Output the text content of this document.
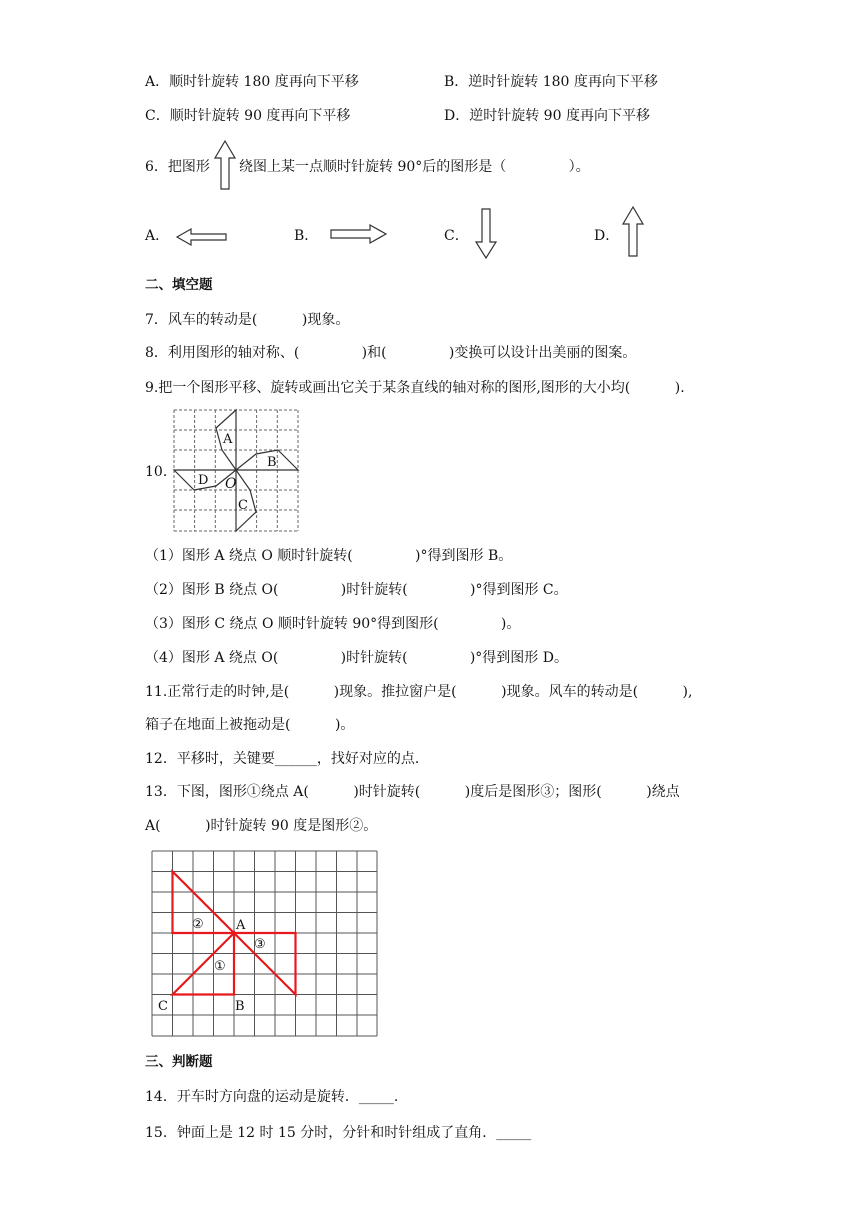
A．顺时针旋转 180 度再向下平移	B．逆时针旋转 180 度再向下平移
C．顺时针旋转 90 度再向下平移	D．逆时针旋转 90 度再向下平移
6．把图形 绕图上某一点顺时针旋转 90°后的图形是（              ）。
A．	B．	C．	D．
二、填空题
7．风车的转动是(          )现象。
8．利用图形的轴对称、(              )和(              )变换可以设计出美丽的图案。
9.把一个图形平移、旋转或画出它关于某条直线的轴对称的图形,图形的大小均(          ).
10．
A
B
C
D O
（1）图形 A 绕点 O 顺时针旋转(              )°得到图形 B。
（2）图形 B 绕点 O(              )时针旋转(              )°得到图形 C。
（3）图形 C 绕点 O 顺时针旋转 90°得到图形(              )。
（4）图形 A 绕点 O(              )时针旋转(              )°得到图形 D。
11.正常行走的时钟,是(          )现象。推拉窗户是(          )现象。风车的转动是(          ),
箱子在地面上被拖动是(          )。
12．平移时，关键要______，找好对应的点．
13．下图，图形①绕点 A(          )时针旋转(          )度后是图形③；图形(          )绕点
A(          )时针旋转 90 度是图形②。
A
B
C
②
①
③
三、判断题
14．开车时方向盘的运动是旋转．_____.
15．钟面上是 12 时 15 分时，分针和时针组成了直角．_____
